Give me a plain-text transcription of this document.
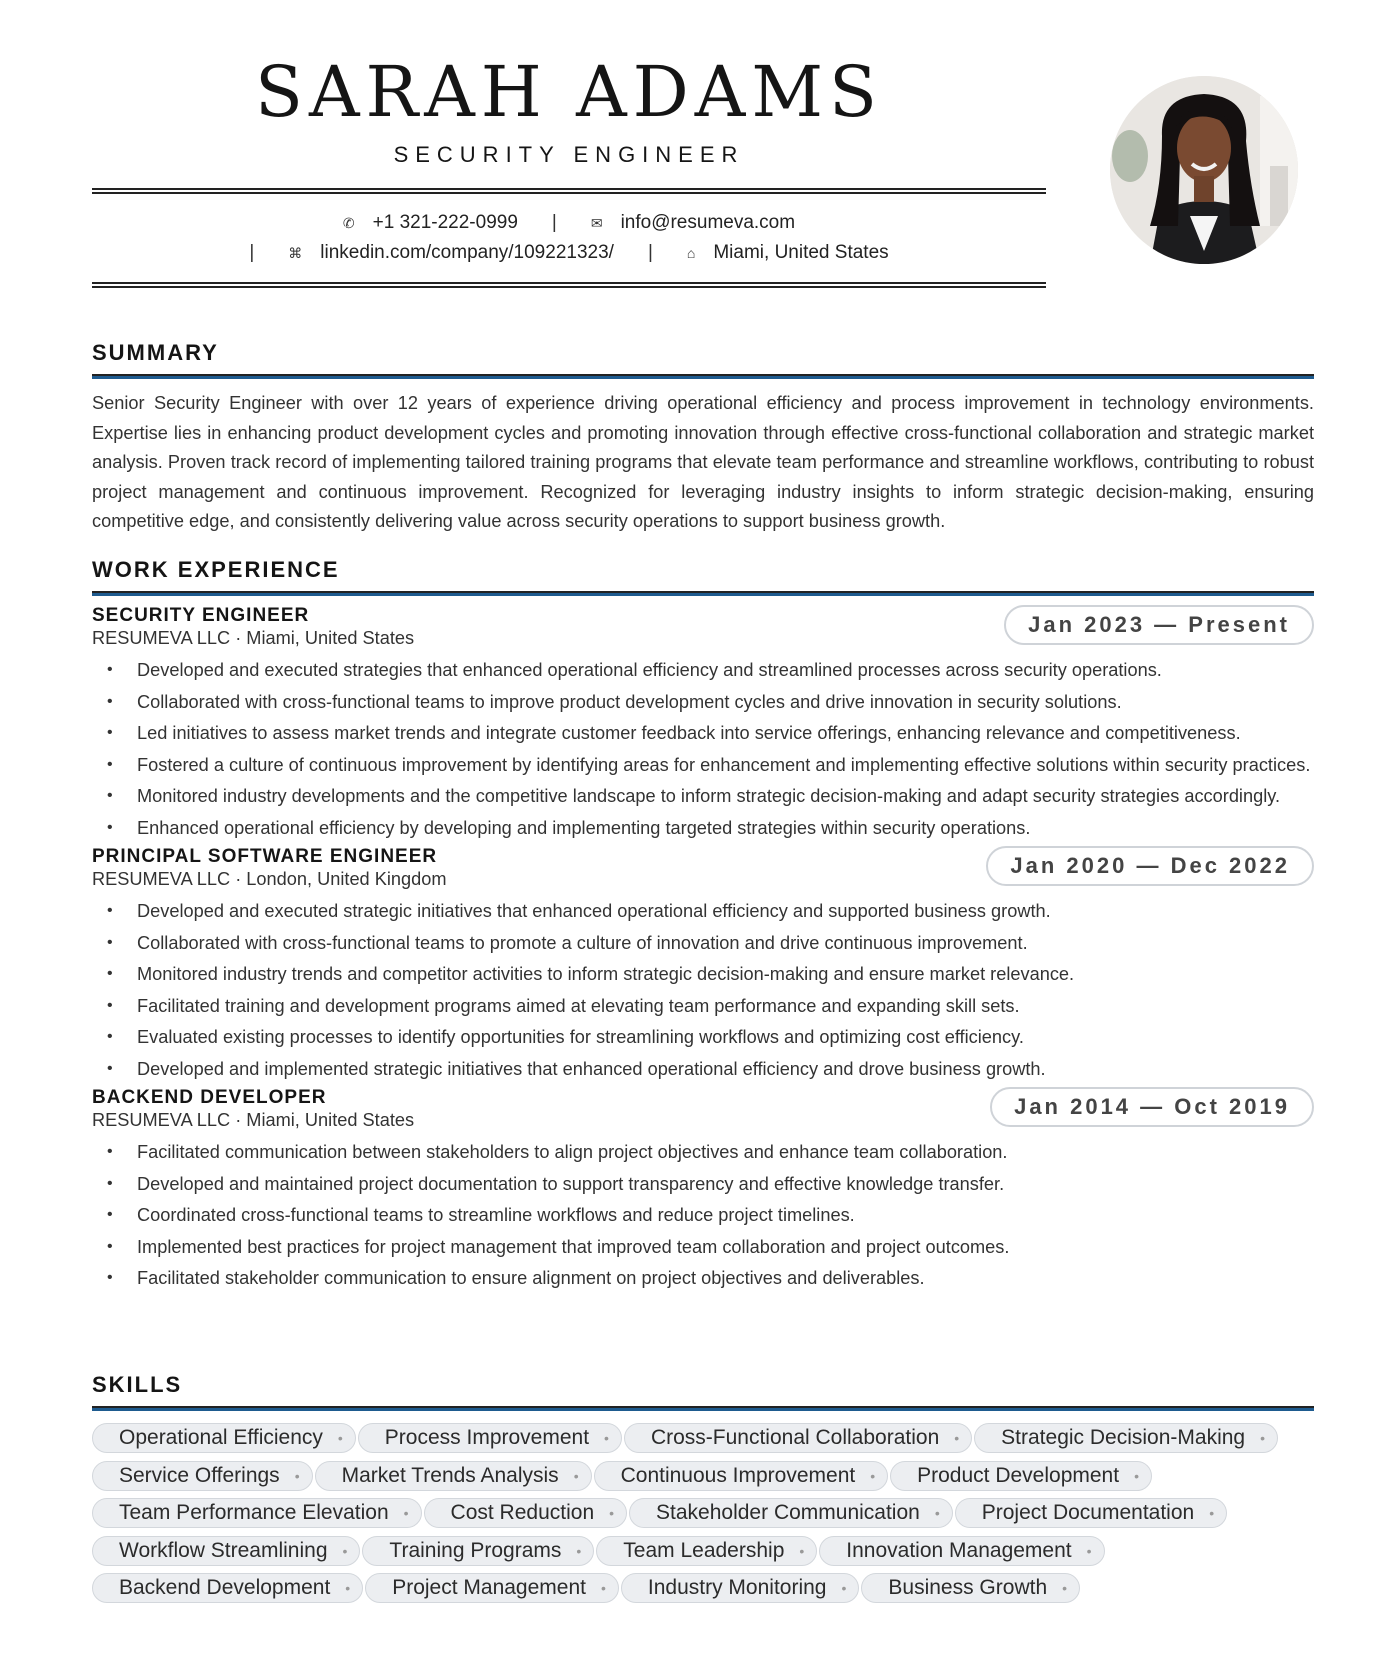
SARAH ADAMS
SECURITY ENGINEER
✆ +1 321-222-0999 | ✉ info@resumeva.com
| ⌘ linkedin.com/company/109221323/ | ⌂ Miami, United States
SUMMARY

Senior Security Engineer with over 12 years of experience driving operational efficiency and process improvement in technology environments. Expertise lies in enhancing product development cycles and promoting innovation through effective cross-functional collaboration and strategic market analysis. Proven track record of implementing tailored training programs that elevate team performance and streamline workflows, contributing to robust project management and continuous improvement. Recognized for leveraging industry insights to inform strategic decision-making, ensuring competitive edge, and consistently delivering value across security operations to support business growth.

WORK EXPERIENCE
SECURITY ENGINEER
RESUMEVA LLC · Miami, United States
Jan 2023 — Present
• Developed and executed strategies that enhanced operational efficiency and streamlined processes across security operations.
• Collaborated with cross-functional teams to improve product development cycles and drive innovation in security solutions.
• Led initiatives to assess market trends and integrate customer feedback into service offerings, enhancing relevance and competitiveness.
• Fostered a culture of continuous improvement by identifying areas for enhancement and implementing effective solutions within security practices.
• Monitored industry developments and the competitive landscape to inform strategic decision-making and adapt security strategies accordingly.
• Enhanced operational efficiency by developing and implementing targeted strategies within security operations.
PRINCIPAL SOFTWARE ENGINEER
RESUMEVA LLC · London, United Kingdom
Jan 2020 — Dec 2022
• Developed and executed strategic initiatives that enhanced operational efficiency and supported business growth.
• Collaborated with cross-functional teams to promote a culture of innovation and drive continuous improvement.
• Monitored industry trends and competitor activities to inform strategic decision-making and ensure market relevance.
• Facilitated training and development programs aimed at elevating team performance and expanding skill sets.
• Evaluated existing processes to identify opportunities for streamlining workflows and optimizing cost efficiency.
• Developed and implemented strategic initiatives that enhanced operational efficiency and drove business growth.
BACKEND DEVELOPER
RESUMEVA LLC · Miami, United States
Jan 2014 — Oct 2019
• Facilitated communication between stakeholders to align project objectives and enhance team collaboration.
• Developed and maintained project documentation to support transparency and effective knowledge transfer.
• Coordinated cross-functional teams to streamline workflows and reduce project timelines.
• Implemented best practices for project management that improved team collaboration and project outcomes.
• Facilitated stakeholder communication to ensure alignment on project objectives and deliverables.
SKILLS
Operational Efficiency • Process Improvement • Cross-Functional Collaboration • Strategic Decision-Making •
Service Offerings • Market Trends Analysis • Continuous Improvement • Product Development •
Team Performance Elevation • Cost Reduction • Stakeholder Communication • Project Documentation •
Workflow Streamlining • Training Programs • Team Leadership • Innovation Management •
Backend Development • Project Management • Industry Monitoring • Business Growth •
